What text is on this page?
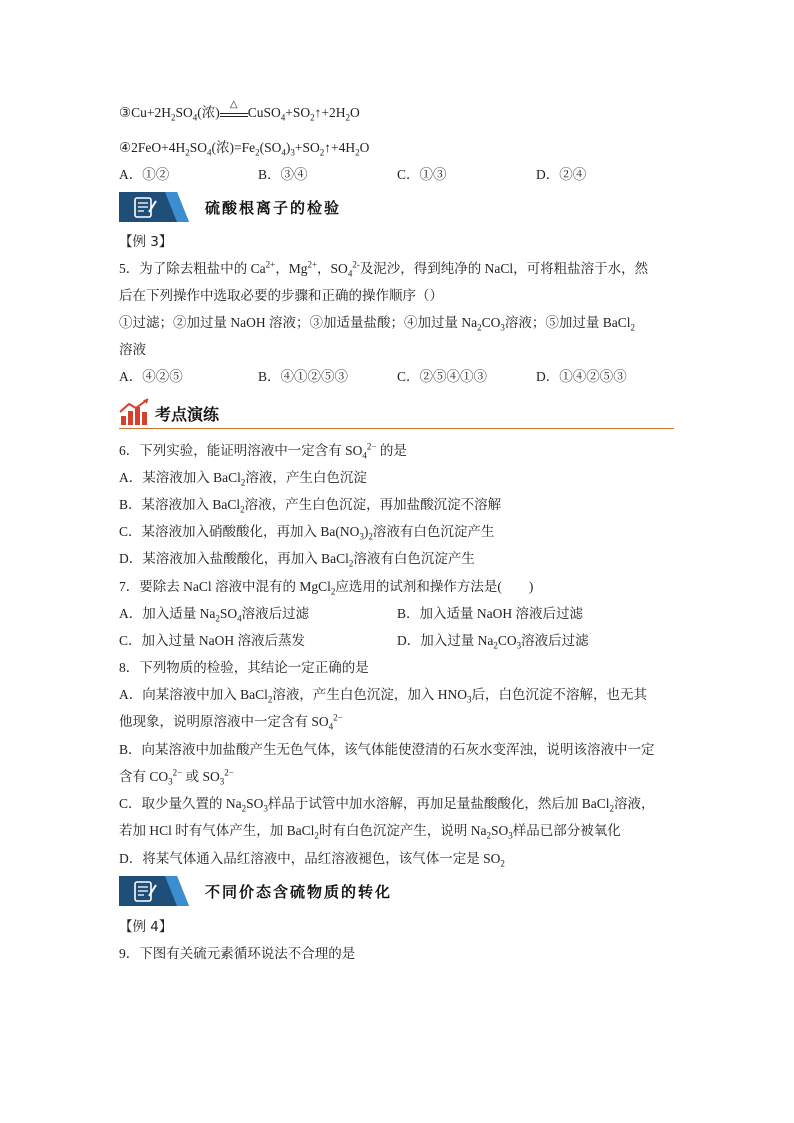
$③Cu+2H_2SO_4$(浓)
△
$CuSO_4+SO_2↑+2H_2O$
$④2FeO+4H_2SO_4$(浓)$=Fe_2(SO_4)_3+SO_2↑+4H_2O$
A．①②	B．③④	C．①③	D．②④
硫酸根离子的检验
【例 3】
5．为了除去粗盐中的 $Ca^{2+}$，$Mg^{2+}$，$SO_4^{2-}$及泥沙，得到纯净的 NaCl，可将粗盐溶于水，然
后在下列操作中选取必要的步骤和正确的操作顺序（）
①过滤；②加过量 NaOH 溶液；③加适量盐酸；④加过量 $Na_2CO_3$溶液；⑤加过量 BaCl$_2$
溶液
A．④②⑤	B．④①②⑤③	C．②⑤④①③	D．①④②⑤③
考点演练
6．下列实验，能证明溶液中一定含有 $SO_4^{2-}$ 的是
A．某溶液加入 BaCl$_2$溶液，产生白色沉淀
B．某溶液加入 BaCl$_2$溶液，产生白色沉淀，再加盐酸沉淀不溶解
C．某溶液加入硝酸酸化，再加入 $Ba(NO_3)_2$溶液有白色沉淀产生
D．某溶液加入盐酸酸化，再加入 BaCl$_2$溶液有白色沉淀产生
7．要除去 NaCl 溶液中混有的 MgCl$_2$应选用的试剂和操作方法是(　　)
A．加入适量 $Na_2SO_4$溶液后过滤	B．加入适量 NaOH 溶液后过滤
C．加入过量 NaOH 溶液后蒸发	D．加入过量 $Na_2CO_3$溶液后过滤
8．下列物质的检验，其结论一定正确的是
A．向某溶液中加入 BaCl$_2$溶液，产生白色沉淀，加入 $HNO_3$后，白色沉淀不溶解，也无其
他现象，说明原溶液中一定含有 $SO_4^{2-}$
B．向某溶液中加盐酸产生无色气体，该气体能使澄清的石灰水变浑浊，说明该溶液中一定
含有 $CO_3^{2-}$ 或 $SO_3^{2-}$
C．取少量久置的 $Na_2SO_3$样品于试管中加水溶解，再加足量盐酸酸化，然后加 BaCl$_2$溶液，
若加 HCl 时有气体产生，加 BaCl$_2$时有白色沉淀产生，说明 $Na_2SO_3$样品已部分被氧化
D．将某气体通入品红溶液中，品红溶液褪色，该气体一定是 $SO_2$
不同价态含硫物质的转化
【例 4】
9．下图有关硫元素循环说法不合理的是
